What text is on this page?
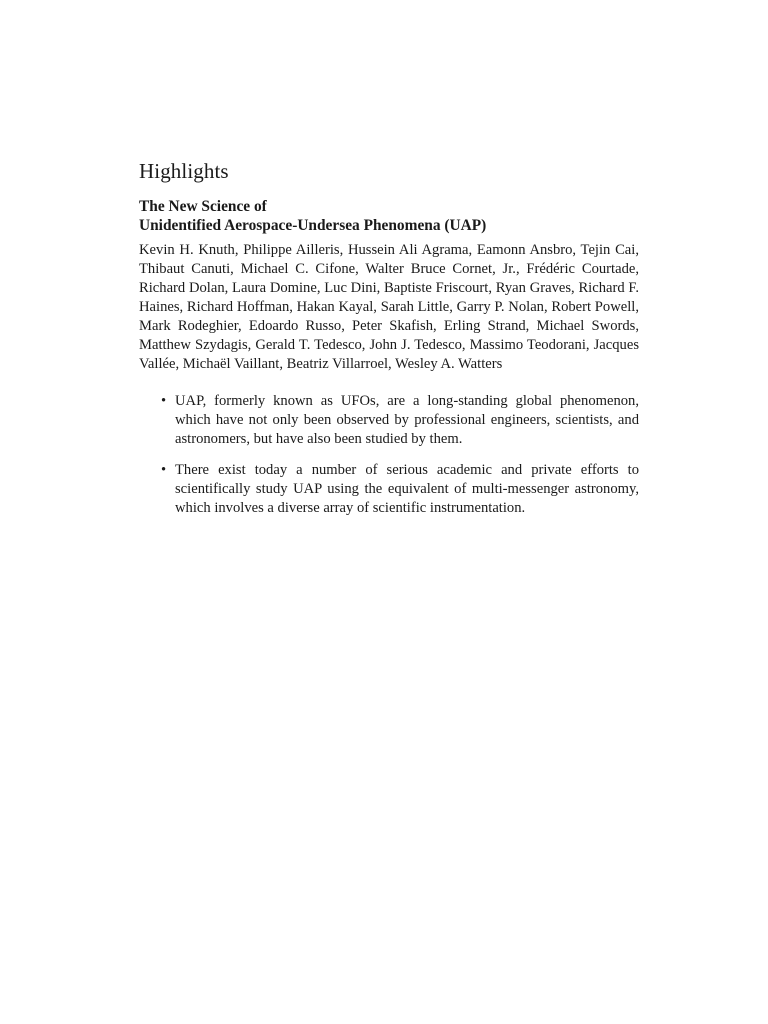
Highlights
The New Science of
Unidentified Aerospace-Undersea Phenomena (UAP)

Kevin H. Knuth, Philippe Ailleris, Hussein Ali Agrama, Eamonn Ansbro, Tejin Cai, Thibaut Canuti, Michael C. Cifone, Walter Bruce Cornet, Jr., Frédéric Courtade, Richard Dolan, Laura Domine, Luc Dini, Baptiste Friscourt, Ryan Graves, Richard F. Haines, Richard Hoffman, Hakan Kayal, Sarah Little, Garry P. Nolan, Robert Powell, Mark Rodeghier, Edoardo Russo, Peter Skafish, Erling Strand, Michael Swords, Matthew Szydagis, Gerald T. Tedesco, John J. Tedesco, Massimo Teodorani, Jacques Vallée, Michaël Vaillant, Beatriz Villarroel, Wesley A. Watters

• UAP, formerly known as UFOs, are a long-standing global phenomenon, which have not only been observed by professional engineers, scientists, and astronomers, but have also been studied by them.
• There exist today a number of serious academic and private efforts to scientifically study UAP using the equivalent of multi-messenger astronomy, which involves a diverse array of scientific instrumentation.
